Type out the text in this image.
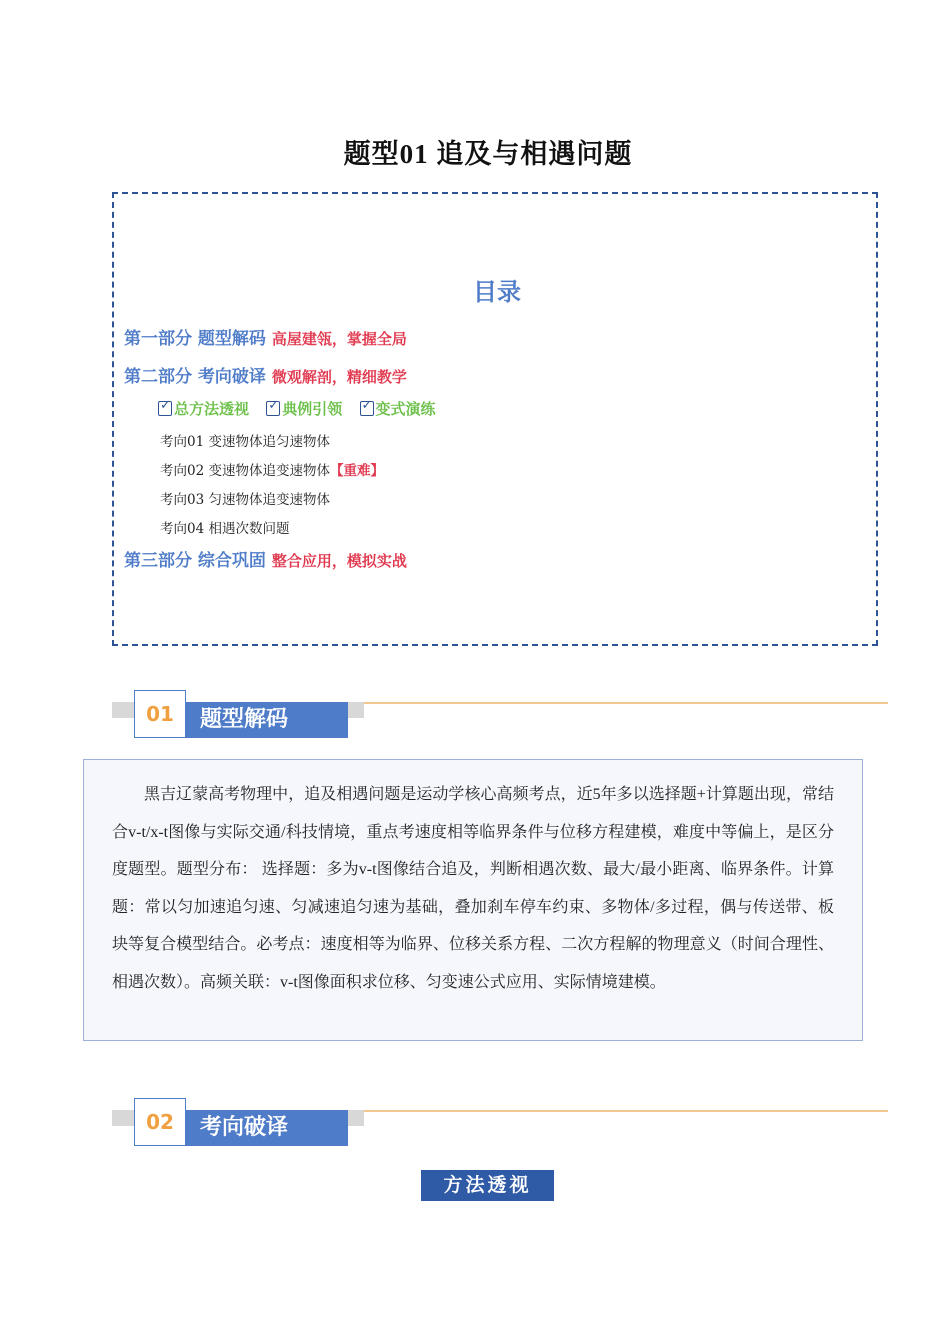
题型01 追及与相遇问题
目录
第一部分 题型解码 高屋建瓴，掌握全局
第二部分 考向破译 微观解剖，精细教学
✓总方法透视 ✓ 典例引领 ✓ 变式演练
考向01 变速物体追匀速物体
考向02 变速物体追变速物体【重难】
考向03 匀速物体追变速物体
考向04 相遇次数问题
第三部分 综合巩固 整合应用，模拟实战
01	题型解码

黑吉辽蒙高考物理中，追及相遇问题是运动学核心高频考点，近5年多以选择题+计算题出现，常结合v-t/x-t图像与实际交通/科技情境，重点考速度相等临界条件与位移方程建模，难度中等偏上，是区分度题型。题型分布： 选择题：多为v-t图像结合追及，判断相遇次数、最大/最小距离、临界条件。计算题：常以匀加速追匀速、匀减速追匀速为基础，叠加刹车停车约束、多物体/多过程，偶与传送带、板块等复合模型结合。必考点：速度相等为临界、位移关系方程、二次方程解的物理意义（时间合理性、相遇次数）。高频关联：v-t图像面积求位移、匀变速公式应用、实际情境建模。

02	考向破译
方法透视
